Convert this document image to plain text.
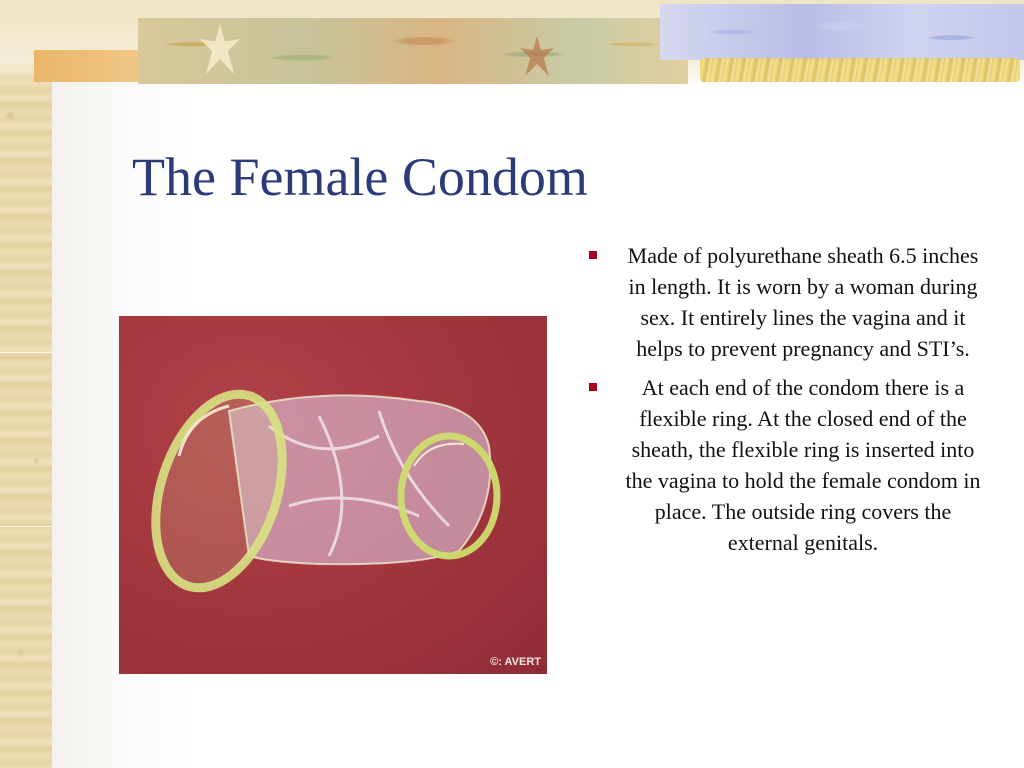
The Female Condom
©: AVERT
Made of polyurethane sheath 6.5 inches in length. It is worn by a woman during sex. It entirely lines the vagina and it helps to prevent pregnancy and STI’s.
At each end of the condom there is a flexible ring. At the closed end of the sheath, the flexible ring is inserted into the vagina to hold the female condom in place. The outside ring covers the external genitals.
